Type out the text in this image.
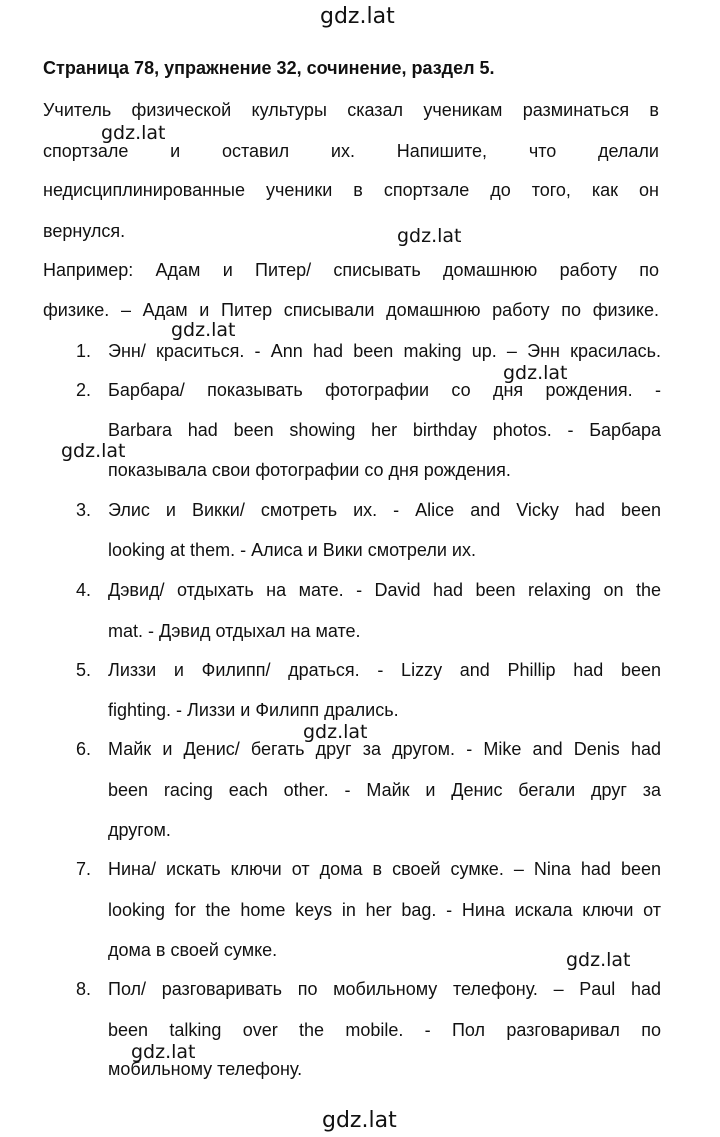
gdz.lat
gdz.lat
gdz.lat
gdz.lat
gdz.lat
gdz.lat
gdz.lat
gdz.lat
gdz.lat
gdz.lat
Страница 78, упражнение 32, сочинение, раздел 5.
Учитель физической культуры сказал ученикам разминаться в
спортзале и оставил их. Напишите, что делали
недисциплинированные ученики в спортзале до того, как он
вернулся.
Например: Адам и Питер/ списывать домашнюю работу по
физике. – Адам и Питер списывали домашнюю работу по физике.
1. Энн/ краситься. - Ann had been making up. – Энн красилась.
2. Барбара/ показывать фотографии со дня рождения. -
Barbara had been showing her birthday photos. - Барбара
показывала свои фотографии со дня рождения.
3. Элис и Викки/ смотреть их. - Alice and Vicky had been
looking at them. - Алиса и Вики смотрели их.
4. Дэвид/ отдыхать на мате. - David had been relaxing on the
mat. - Дэвид отдыхал на мате.
5. Лиззи и Филипп/ драться. - Lizzy and Phillip had been
fighting. - Лиззи и Филипп дрались.
6. Майк и Денис/ бегать друг за другом. - Mike and Denis had
been racing each other. - Майк и Денис бегали друг за
другом.
7. Нина/ искать ключи от дома в своей сумке. – Nina had been
looking for the home keys in her bag. - Нина искала ключи от
дома в своей сумке.
8. Пол/ разговаривать по мобильному телефону. – Paul had
been talking over the mobile. - Пол разговаривал по
мобильному телефону.
